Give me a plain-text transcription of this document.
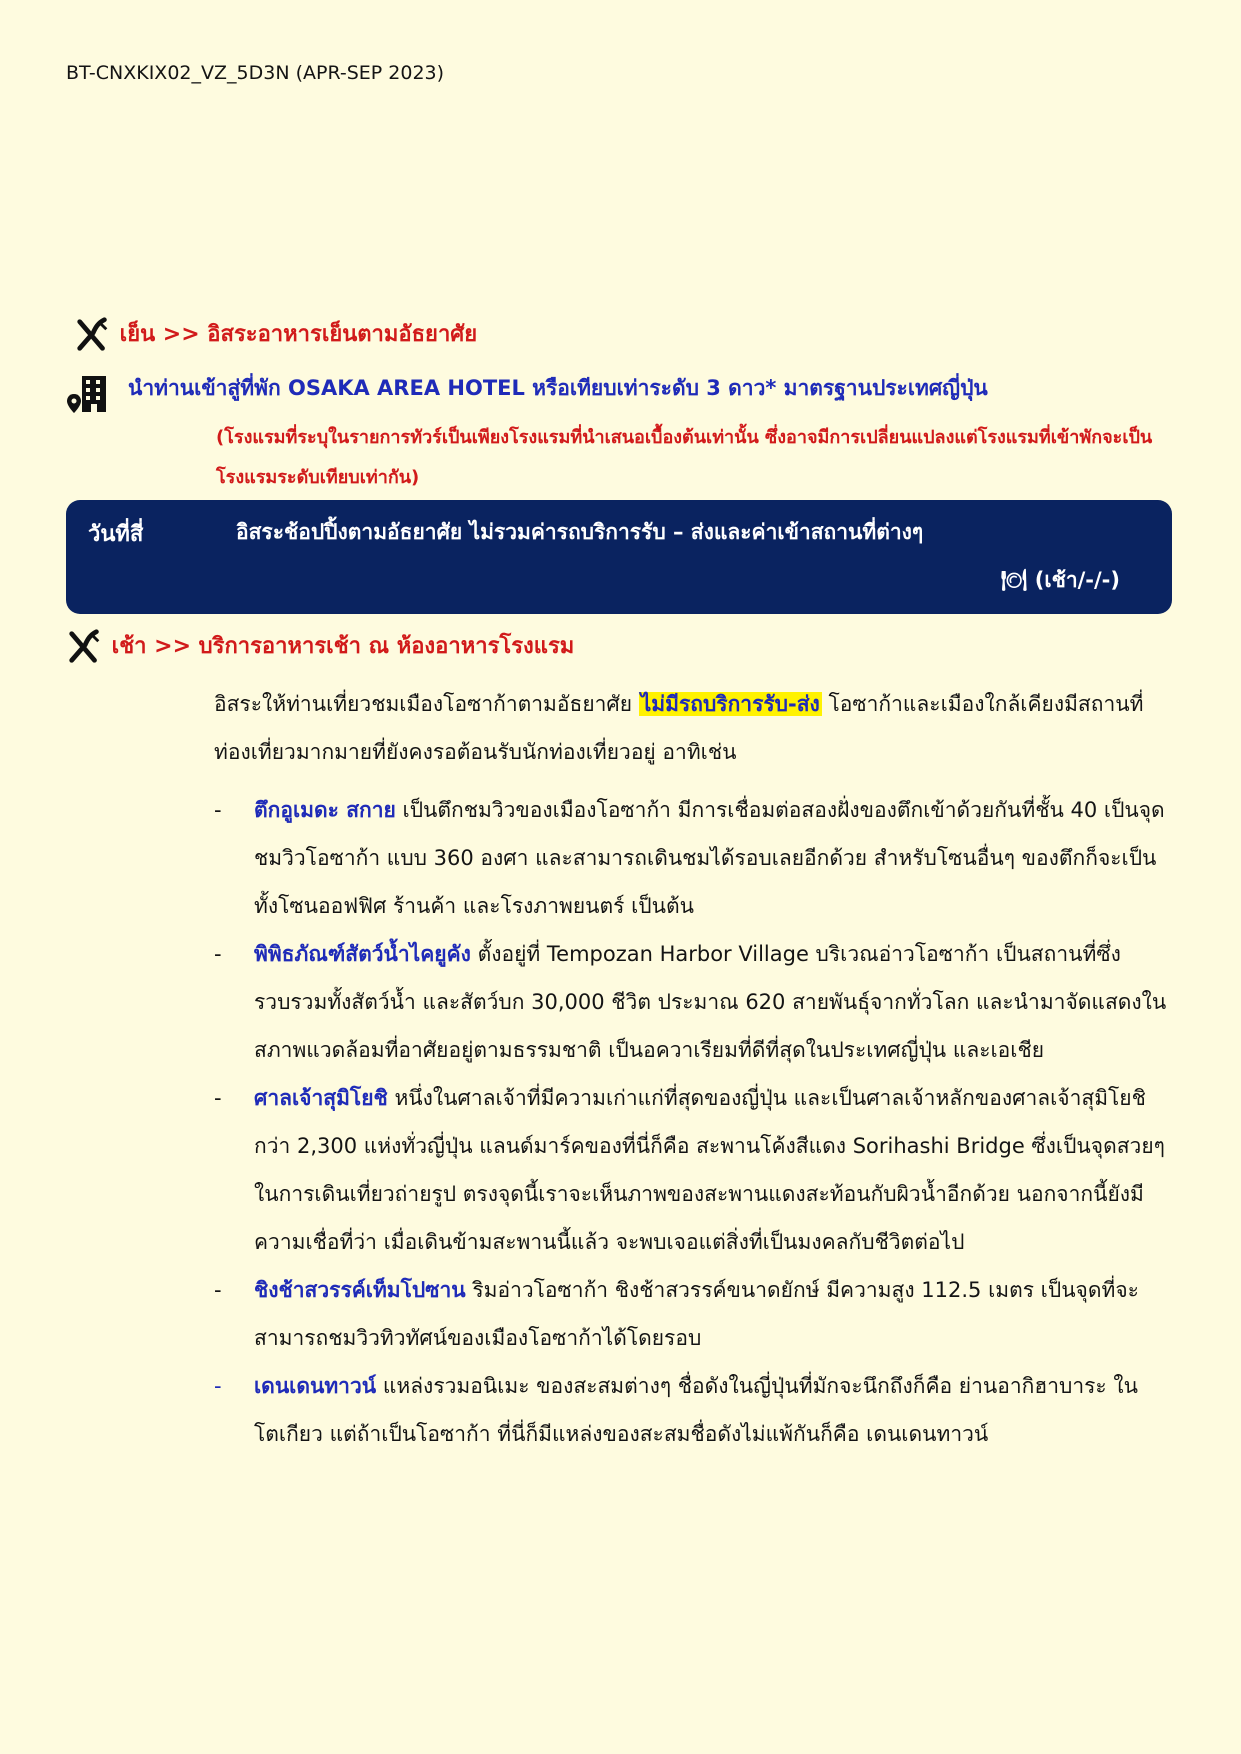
BT-CNXKIX02_VZ_5D3N (APR-SEP 2023)
เย็น >> อิสระอาหารเย็นตามอัธยาศัย
นำท่านเข้าสู่ที่พัก OSAKA AREA HOTEL หรือเทียบเท่าระดับ 3 ดาว* มาตรฐานประเทศญี่ปุ่น
(โรงแรมที่ระบุในรายการทัวร์เป็นเพียงโรงแรมที่นำเสนอเบื้องต้นเท่านั้น ซึ่งอาจมีการเปลี่ยนแปลงแต่โรงแรมที่เข้าพักจะเป็นโรงแรมระดับเทียบเท่ากัน)
วันที่สี่	อิสระช้อปปิ้งตามอัธยาศัย ไม่รวมค่ารถบริการรับ – ส่งและค่าเข้าสถานที่ต่างๆ
🍽 (เช้า/-/-)
เช้า >> บริการอาหารเช้า ณ ห้องอาหารโรงแรม
อิสระให้ท่านเที่ยวชมเมืองโอซาก้าตามอัธยาศัย ไม่มีรถบริการรับ-ส่ง โอซาก้าและเมืองใกล้เคียงมีสถานที่ท่องเที่ยวมากมายที่ยังคงรอต้อนรับนักท่องเที่ยวอยู่ อาทิเช่น
- ตึกอูเมดะ สกาย เป็นตึกชมวิวของเมืองโอซาก้า มีการเชื่อมต่อสองฝั่งของตึกเข้าด้วยกันที่ชั้น 40 เป็นจุดชมวิวโอซาก้า แบบ 360 องศา และสามารถเดินชมได้รอบเลยอีกด้วย สำหรับโซนอื่นๆ ของตึกก็จะเป็นทั้งโซนออฟฟิศ ร้านค้า และโรงภาพยนตร์ เป็นต้น
- พิพิธภัณฑ์สัตว์น้ำไคยูคัง ตั้งอยู่ที่ Tempozan Harbor Village บริเวณอ่าวโอซาก้า เป็นสถานที่ซึ่งรวบรวมทั้งสัตว์น้ำ และสัตว์บก 30,000 ชีวิต ประมาณ 620 สายพันธุ์จากทั่วโลก และนำมาจัดแสดงในสภาพแวดล้อมที่อาศัยอยู่ตามธรรมชาติ เป็นอควาเรียมที่ดีที่สุดในประเทศญี่ปุ่น และเอเชีย
- ศาลเจ้าสุมิโยชิ หนึ่งในศาลเจ้าที่มีความเก่าแก่ที่สุดของญี่ปุ่น และเป็นศาลเจ้าหลักของศาลเจ้าสุมิโยชิกว่า 2,300 แห่งทั่วญี่ปุ่น แลนด์มาร์คของที่นี่ก็คือ สะพานโค้งสีแดง Sorihashi Bridge ซึ่งเป็นจุดสวยๆ ในการเดินเที่ยวถ่ายรูป ตรงจุดนี้เราจะเห็นภาพของสะพานแดงสะท้อนกับผิวน้ำอีกด้วย นอกจากนี้ยังมีความเชื่อที่ว่า เมื่อเดินข้ามสะพานนี้แล้ว จะพบเจอแต่สิ่งที่เป็นมงคลกับชีวิตต่อไป
- ชิงช้าสวรรค์เท็มโปซาน ริมอ่าวโอซาก้า ชิงช้าสวรรค์ขนาดยักษ์ มีความสูง 112.5 เมตร เป็นจุดที่จะสามารถชมวิวทิวทัศน์ของเมืองโอซาก้าได้โดยรอบ
- เดนเดนทาวน์ แหล่งรวมอนิเมะ ของสะสมต่างๆ ชื่อดังในญี่ปุ่นที่มักจะนึกถึงก็คือ ย่านอากิฮาบาระ ในโตเกียว แต่ถ้าเป็นโอซาก้า ที่นี่ก็มีแหล่งของสะสมชื่อดังไม่แพ้กันก็คือ เดนเดนทาวน์
